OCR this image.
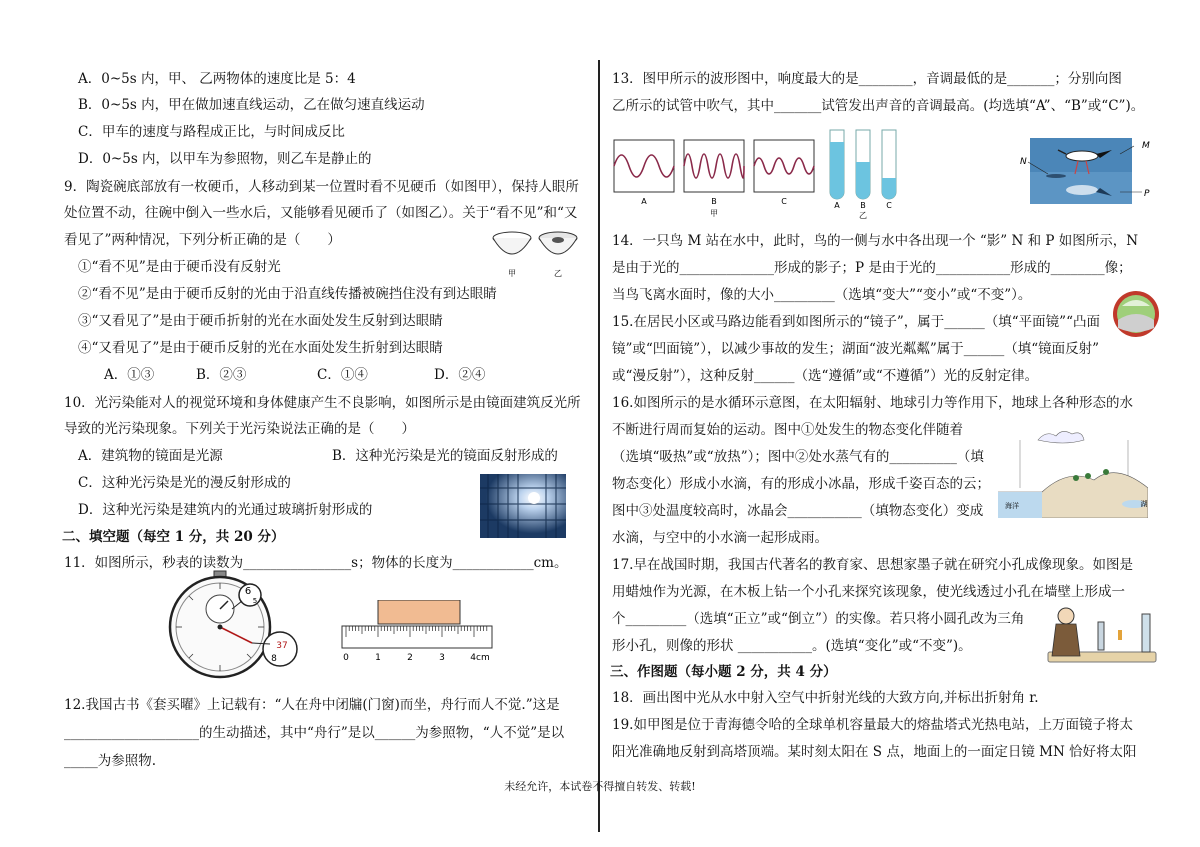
A．0~5s 内，甲、 乙两物体的速度比是 5：4
B．0~5s 内，甲在做加速直线运动，乙在做匀速直线运动
C．甲车的速度与路程成正比，与时间成反比
D．0~5s 内，以甲车为参照物，则乙车是静止的
9．陶瓷碗底部放有一枚硬币，人移动到某一位置时看不见硬币（如图甲），保持人眼所
处位置不动，往碗中倒入一些水后，又能够看见硬币了（如图乙）。关于“看不见”和“又
看见了”两种情况，下列分析正确的是（　　）
甲	乙
①“看不见”是由于硬币没有反射光
②“看不见”是由于硬币反射的光由于沿直线传播被碗挡住没有到达眼睛
③“又看见了”是由于硬币折射的光在水面处发生反射到达眼睛
④“又看见了”是由于硬币反射的光在水面处发生折射到达眼睛
A．①③	B．②③	C．①④	D．②④
10．光污染能对人的视觉环境和身体健康产生不良影响，如图所示是由镜面建筑反光所
导致的光污染现象。下列关于光污染说法正确的是（　　）
A．建筑物的镜面是光源	B．这种光污染是光的镜面反射形成的
C．这种光污染是光的漫反射形成的
D．这种光污染是建筑内的光通过玻璃折射形成的
二、填空题（每空 1 分，共 20 分）
11．如图所示，秒表的读数为________________s；物体的长度为____________cm。
6
5
37
8	0	1	2	3	4cm
12.我国古书《套买曜》上记载有：“人在舟中闭牖(门窗)而坐，舟行而人不觉.”这是
____________________的生动描述，其中“舟行”是以______为参照物，“人不觉”是以
_____为参照物.
13．图甲所示的波形图中，响度最大的是________，音调最低的是_______；分别向图
乙所示的试管中吹气，其中_______试管发出声音的音调最高。(均选填“A”、“B”或“C”)。
A	B	C
甲
A	B	C
乙
M
N
P
14．一只鸟 M 站在水中，此时，鸟的一侧与水中各出现一个 “影” N 和 P 如图所示，N
是由于光的______________形成的影子；P 是由于光的___________形成的________像；
当鸟飞离水面时，像的大小_________（选填“变大”“变小”或“不变”）。
15.在居民小区或马路边能看到如图所示的“镜子”，属于______（填“平面镜”“凸面
镜”或“凹面镜”），以减少事故的发生；湖面“波光粼粼”属于______（填“镜面反射”
或“漫反射”），这种反射______（选“遵循”或“不遵循”）光的反射定律。
16.如图所示的是水循环示意图，在太阳辐射、地球引力等作用下，地球上各种形态的水
不断进行周而复始的运动。图中①处发生的物态变化伴随着
（选填“吸热”或“放热”）；图中②处水蒸气有的__________（填
物态变化）形成小水滴，有的形成小冰晶，形成千姿百态的云；
图中③处温度较高时，冰晶会___________（填物态变化）变成
水滴，与空中的小水滴一起形成雨。
海洋	湖
17.早在战国时期，我国古代著名的教育家、思想家墨子就在研究小孔成像现象。如图是
用蜡烛作为光源，在木板上钻一个小孔来探究该现象，使光线透过小孔在墙壁上形成一
个_________（选填“正立”或“倒立”）的实像。若只将小圆孔改为三角
形小孔，则像的形状 ___________。(选填“变化”或“不变”)。
三、作图题（每小题 2 分，共 4 分）
18．画出图中光从水中射入空气中折射光线的大致方向,并标出折射角 r.
19.如甲图是位于青海德令哈的全球单机容量最大的熔盐塔式光热电站，上万面镜子将太
阳光准确地反射到高塔顶端。某时刻太阳在 S 点，地面上的一面定日镜 MN 恰好将太阳
未经允许，本试卷不得擅自转发、转载!
